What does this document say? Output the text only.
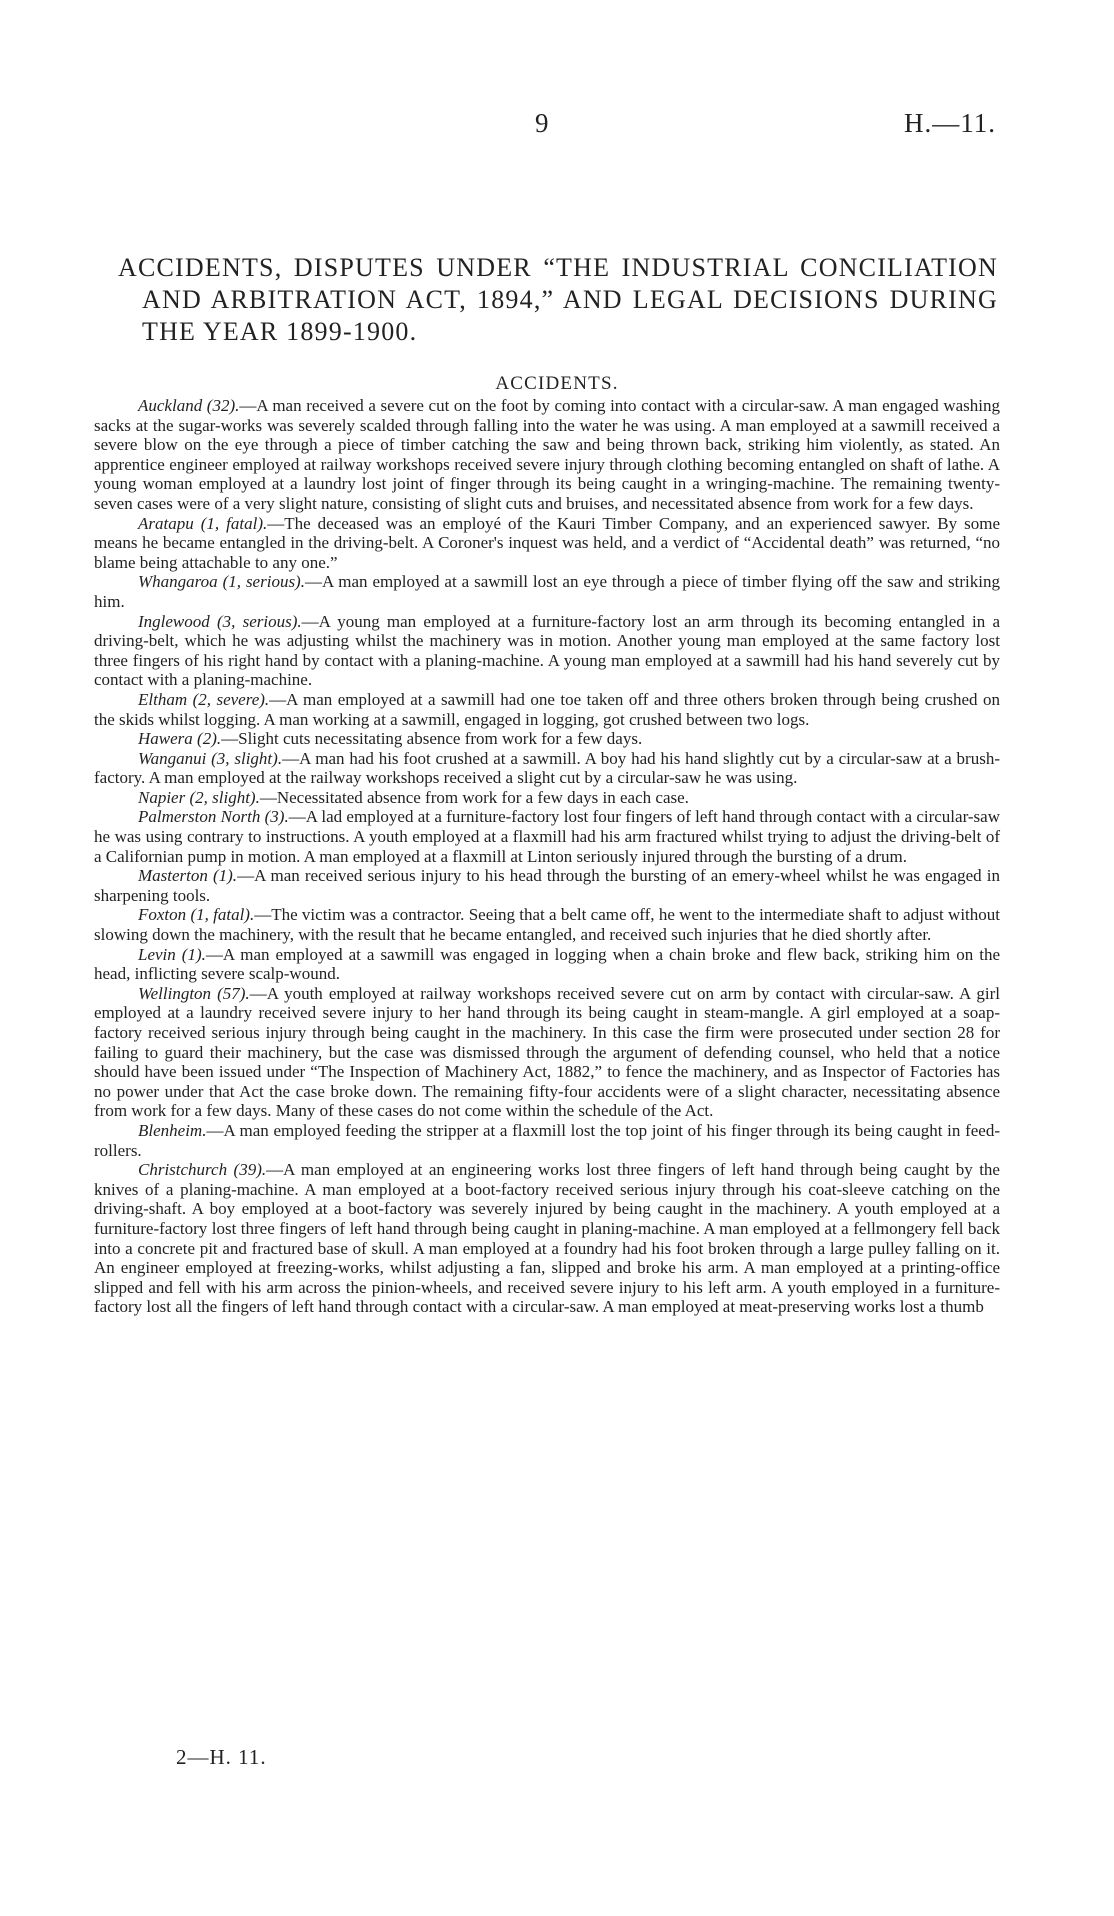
9	H.—11.
ACCIDENTS, DISPUTES UNDER “THE INDUSTRIAL CONCILIATION AND ARBITRATION ACT, 1894,” AND LEGAL DECISIONS DURING THE YEAR 1899-1900.
ACCIDENTS.

Auckland (32).—A man received a severe cut on the foot by coming into contact with a circular-saw. A man engaged washing sacks at the sugar-works was severely scalded through falling into the water he was using. A man employed at a sawmill received a severe blow on the eye through a piece of timber catching the saw and being thrown back, striking him violently, as stated. An apprentice engineer employed at railway workshops received severe injury through clothing becoming entangled on shaft of lathe. A young woman employed at a laundry lost joint of finger through its being caught in a wringing-machine. The remaining twenty-seven cases were of a very slight nature, consisting of slight cuts and bruises, and necessitated absence from work for a few days.

Aratapu (1, fatal).—The deceased was an employé of the Kauri Timber Company, and an experienced sawyer. By some means he became entangled in the driving-belt. A Coroner's inquest was held, and a verdict of “Accidental death” was returned, “no blame being attachable to any one.”

Whangaroa (1, serious).—A man employed at a sawmill lost an eye through a piece of timber flying off the saw and striking him.

Inglewood (3, serious).—A young man employed at a furniture-factory lost an arm through its becoming entangled in a driving-belt, which he was adjusting whilst the machinery was in motion. Another young man employed at the same factory lost three fingers of his right hand by contact with a planing-machine. A young man employed at a sawmill had his hand severely cut by contact with a planing-machine.

Eltham (2, severe).—A man employed at a sawmill had one toe taken off and three others broken through being crushed on the skids whilst logging. A man working at a sawmill, engaged in logging, got crushed between two logs.

Hawera (2).—Slight cuts necessitating absence from work for a few days.

Wanganui (3, slight).—A man had his foot crushed at a sawmill. A boy had his hand slightly cut by a circular-saw at a brush-factory. A man employed at the railway workshops received a slight cut by a circular-saw he was using.

Napier (2, slight).—Necessitated absence from work for a few days in each case.

Palmerston North (3).—A lad employed at a furniture-factory lost four fingers of left hand through contact with a circular-saw he was using contrary to instructions. A youth employed at a flaxmill had his arm fractured whilst trying to adjust the driving-belt of a Californian pump in motion. A man employed at a flaxmill at Linton seriously injured through the bursting of a drum.

Masterton (1).—A man received serious injury to his head through the bursting of an emery-wheel whilst he was engaged in sharpening tools.

Foxton (1, fatal).—The victim was a contractor. Seeing that a belt came off, he went to the intermediate shaft to adjust without slowing down the machinery, with the result that he became entangled, and received such injuries that he died shortly after.

Levin (1).—A man employed at a sawmill was engaged in logging when a chain broke and flew back, striking him on the head, inflicting severe scalp-wound.

Wellington (57).—A youth employed at railway workshops received severe cut on arm by contact with circular-saw. A girl employed at a laundry received severe injury to her hand through its being caught in steam-mangle. A girl employed at a soap-factory received serious injury through being caught in the machinery. In this case the firm were prosecuted under section 28 for failing to guard their machinery, but the case was dismissed through the argument of defending counsel, who held that a notice should have been issued under “The Inspection of Machinery Act, 1882,” to fence the machinery, and as Inspector of Factories has no power under that Act the case broke down. The remaining fifty-four accidents were of a slight character, necessitating absence from work for a few days. Many of these cases do not come within the schedule of the Act.

Blenheim.—A man employed feeding the stripper at a flaxmill lost the top joint of his finger through its being caught in feed-rollers.

Christchurch (39).—A man employed at an engineering works lost three fingers of left hand through being caught by the knives of a planing-machine. A man employed at a boot-factory received serious injury through his coat-sleeve catching on the driving-shaft. A boy employed at a boot-factory was severely injured by being caught in the machinery. A youth employed at a furniture-factory lost three fingers of left hand through being caught in planing-machine. A man employed at a fellmongery fell back into a concrete pit and fractured base of skull. A man employed at a foundry had his foot broken through a large pulley falling on it. An engineer employed at freezing-works, whilst adjusting a fan, slipped and broke his arm. A man employed at a printing-office slipped and fell with his arm across the pinion-wheels, and received severe injury to his left arm. A youth employed in a furniture-factory lost all the fingers of left hand through contact with a circular-saw. A man employed at meat-preserving works lost a thumb

2—H. 11.
